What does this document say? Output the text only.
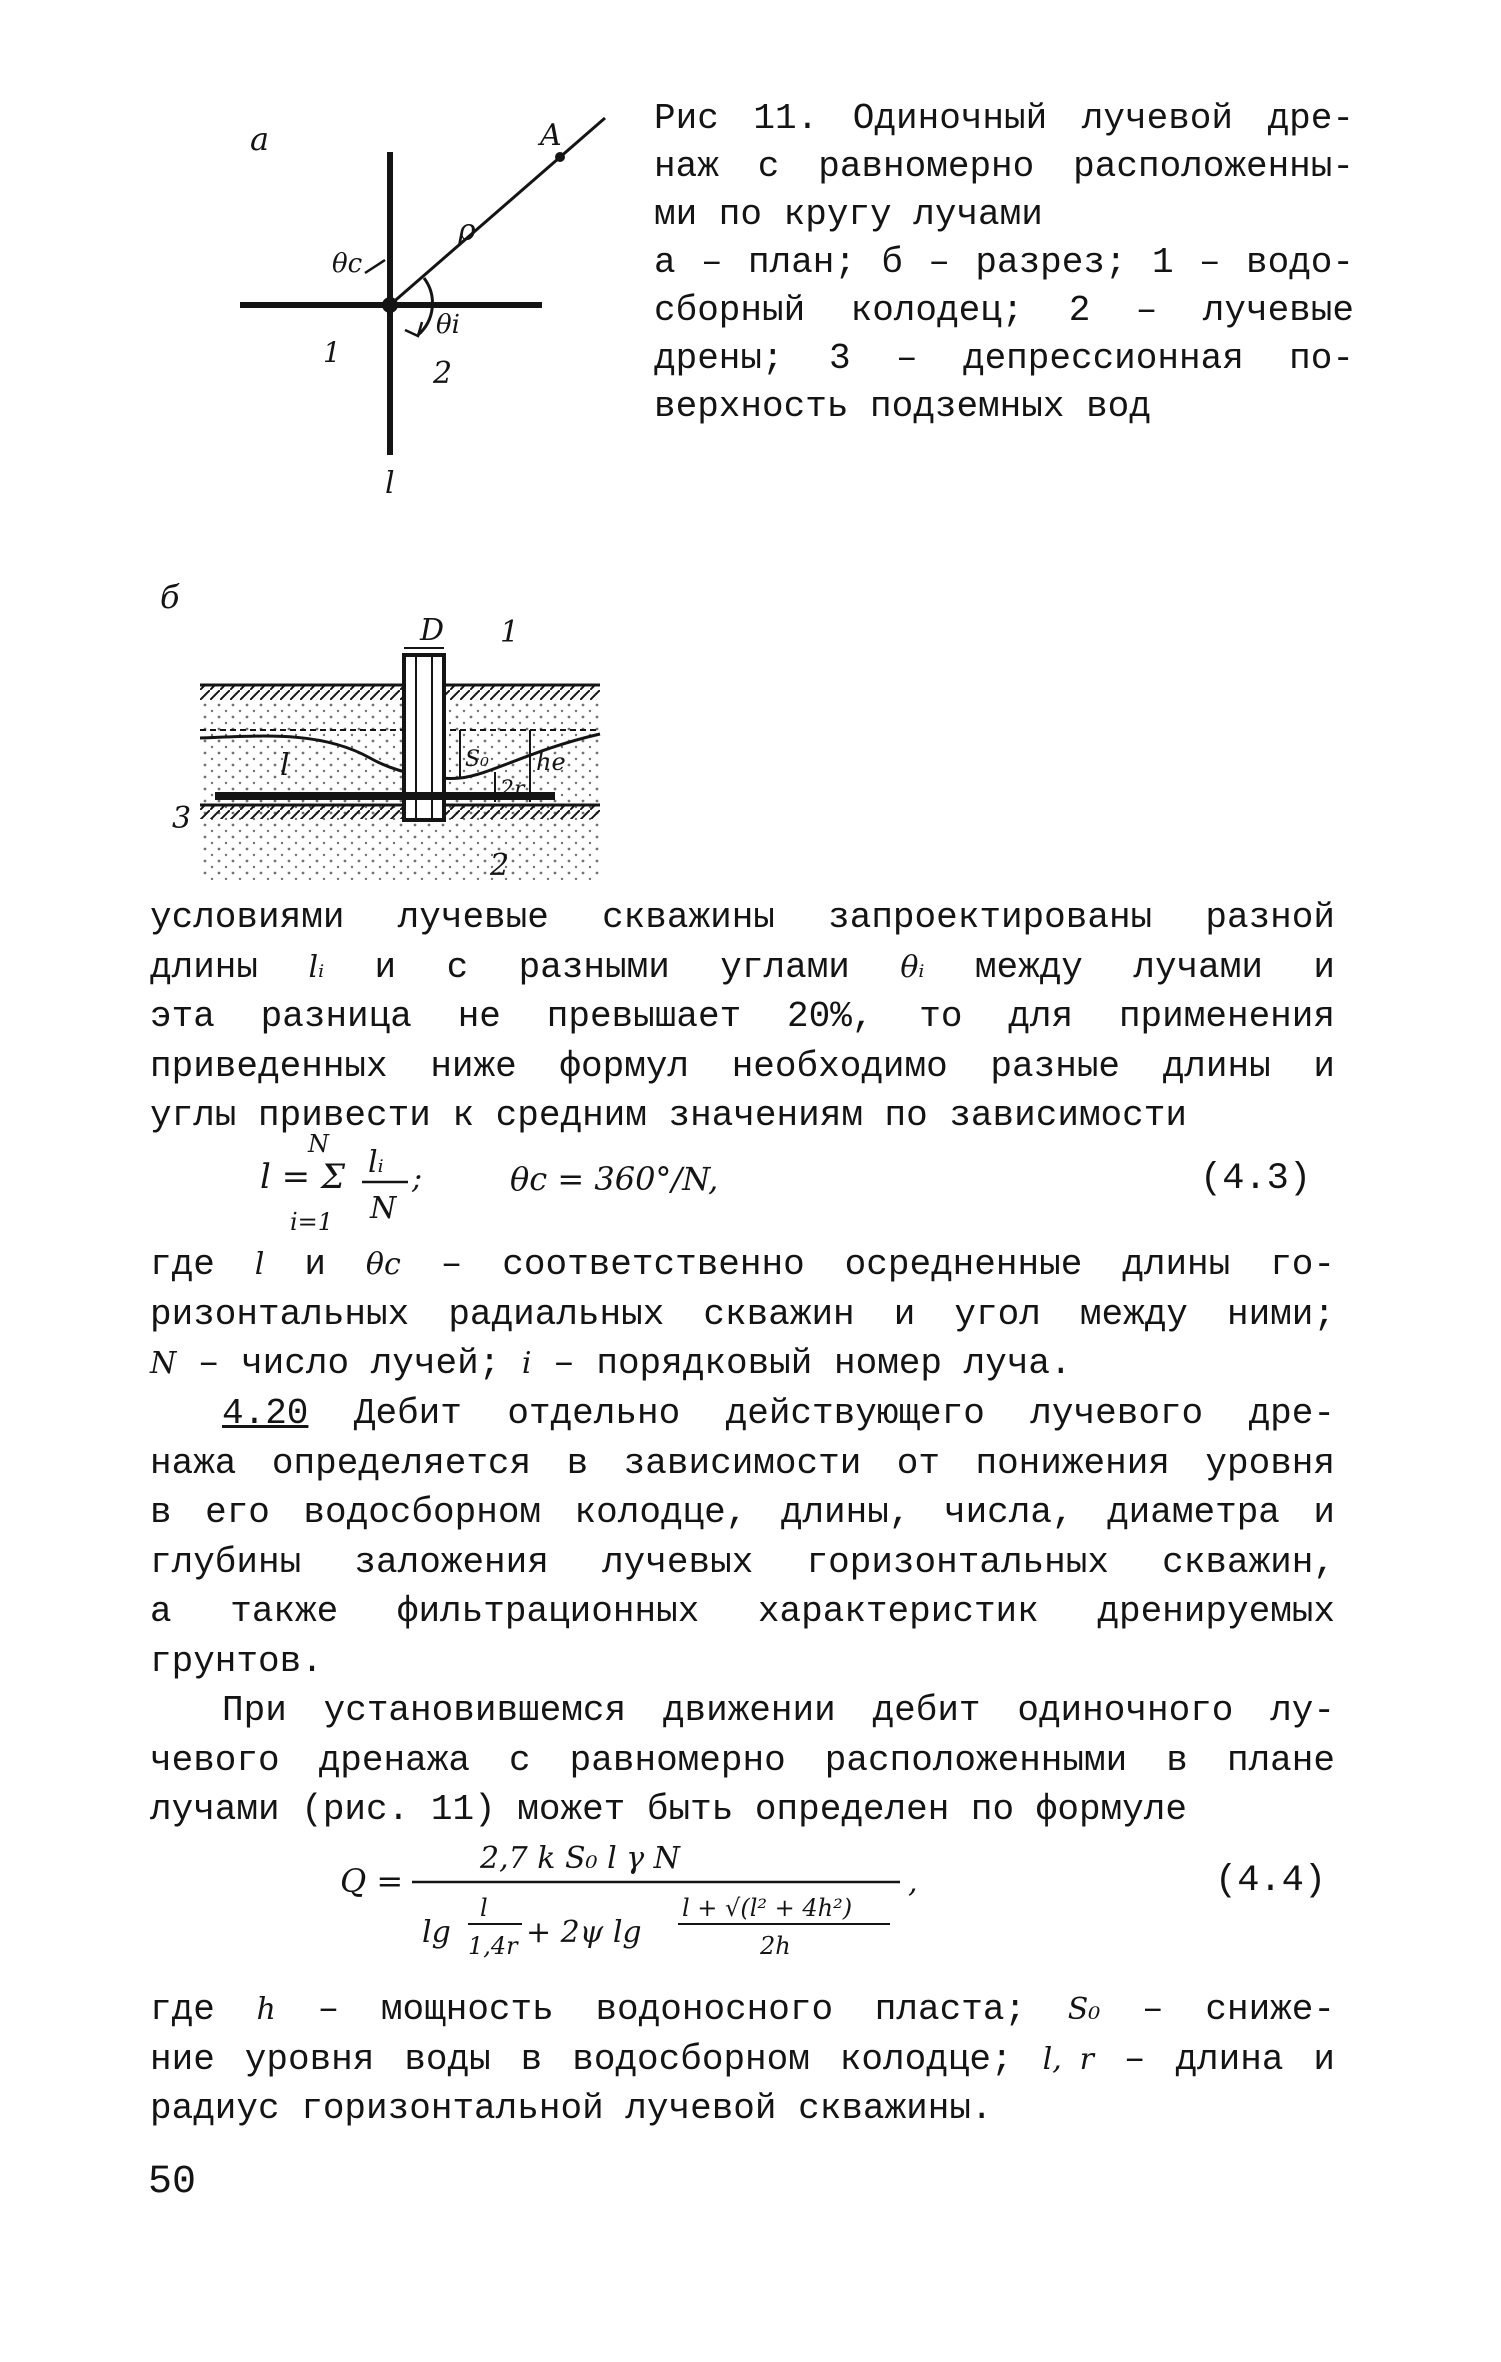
а	A
ρ
θc
θi
1
2
l
Рис 11. Одиночный лучевой дре-
наж с равномерно расположенны-
ми по кругу лучами
а – план; б – разрез; 1 – водо-
сборный колодец; 2 – лучевые
дрены; 3 – депрессионная по-
верхность подземных вод
б
D 1
2
3
l	S₀
2r
hе
условиями лучевые скважины запроектированы разной
длины lᵢ и с разными углами θᵢ между лучами и
эта разница не превышает 20%, то для применения
приведенных ниже формул необходимо разные длины и
углы привести к средним значениям по зависимости
l = Σ
N
i=1
lᵢ
N
;	θc = 360°/N,	(4.3)
где l и θc – соответственно осредненные длины го-
ризонтальных радиальных скважин и угол между ними;
N – число лучей; i – порядковый номер луча.
4.20 Дебит отдельно действующего лучевого дре-
нажа определяется в зависимости от понижения уровня
в его водосборном колодце, длины, числа, диаметра и
глубины заложения лучевых горизонтальных скважин,
а также фильтрационных характеристик дренируемых
грунтов.
При установившемся движении дебит одиночного лу-
чевого дренажа с равномерно расположенными в плане
лучами (рис. 11) может быть определен по формуле
Q =
2,7 k S₀ l γ N
lg
l
1,4r + 2ψ lg
l + √(l² + 4h²)
2h
,	(4.4)
где h – мощность водоносного пласта; S₀ – сниже-
ние уровня воды в водосборном колодце; l, r – длина и
радиус горизонтальной лучевой скважины.
50
